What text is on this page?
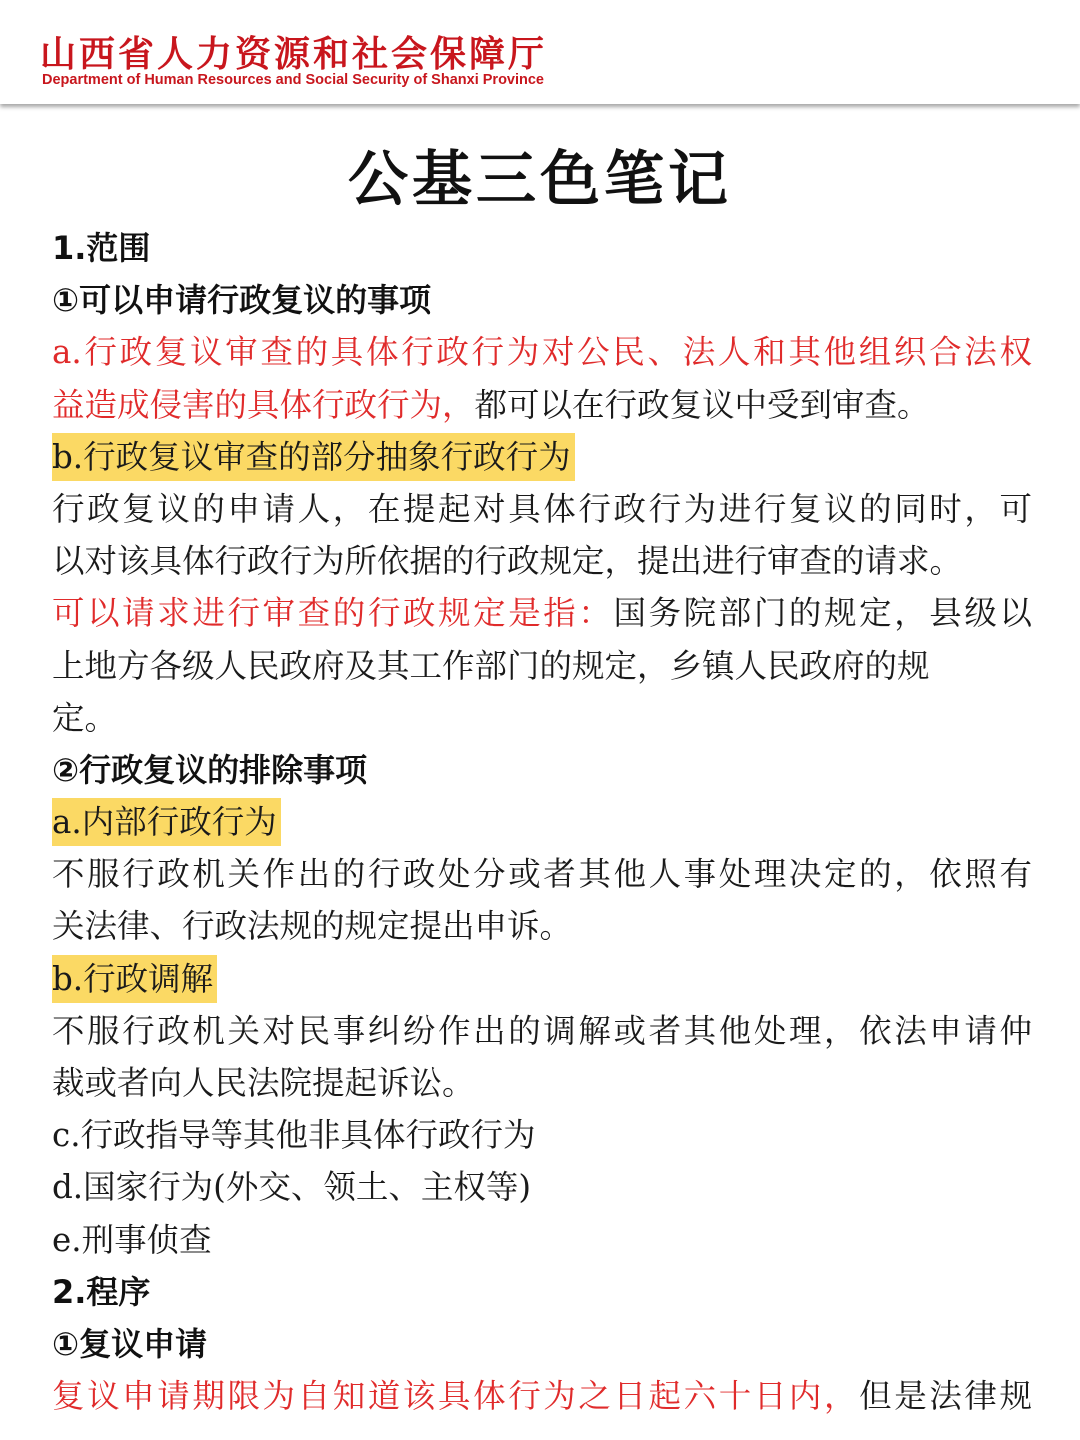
山西省人力资源和社会保障厅
Department of Human Resources and Social Security of Shanxi Province
公基三色笔记
1.范围
①可以申请行政复议的事项
a.行政复议审查的具体行政行为对公民、法人和其他组织合法权
益造成侵害的具体行政行为，都可以在行政复议中受到审查。
b.行政复议审查的部分抽象行政行为
行政复议的申请人，在提起对具体行政行为进行复议的同时，可
以对该具体行政行为所依据的行政规定，提出进行审查的请求。
可以请求进行审查的行政规定是指：国务院部门的规定，县级以
上地方各级人民政府及其工作部门的规定，乡镇人民政府的规
定。
②行政复议的排除事项
a.内部行政行为
不服行政机关作出的行政处分或者其他人事处理决定的，依照有
关法律、行政法规的规定提出申诉。
b.行政调解
不服行政机关对民事纠纷作出的调解或者其他处理，依法申请仲
裁或者向人民法院提起诉讼。
c.行政指导等其他非具体行政行为
d.国家行为(外交、领土、主权等)
e.刑事侦查
2.程序
①复议申请
复议申请期限为自知道该具体行为之日起六十日内，但是法律规
